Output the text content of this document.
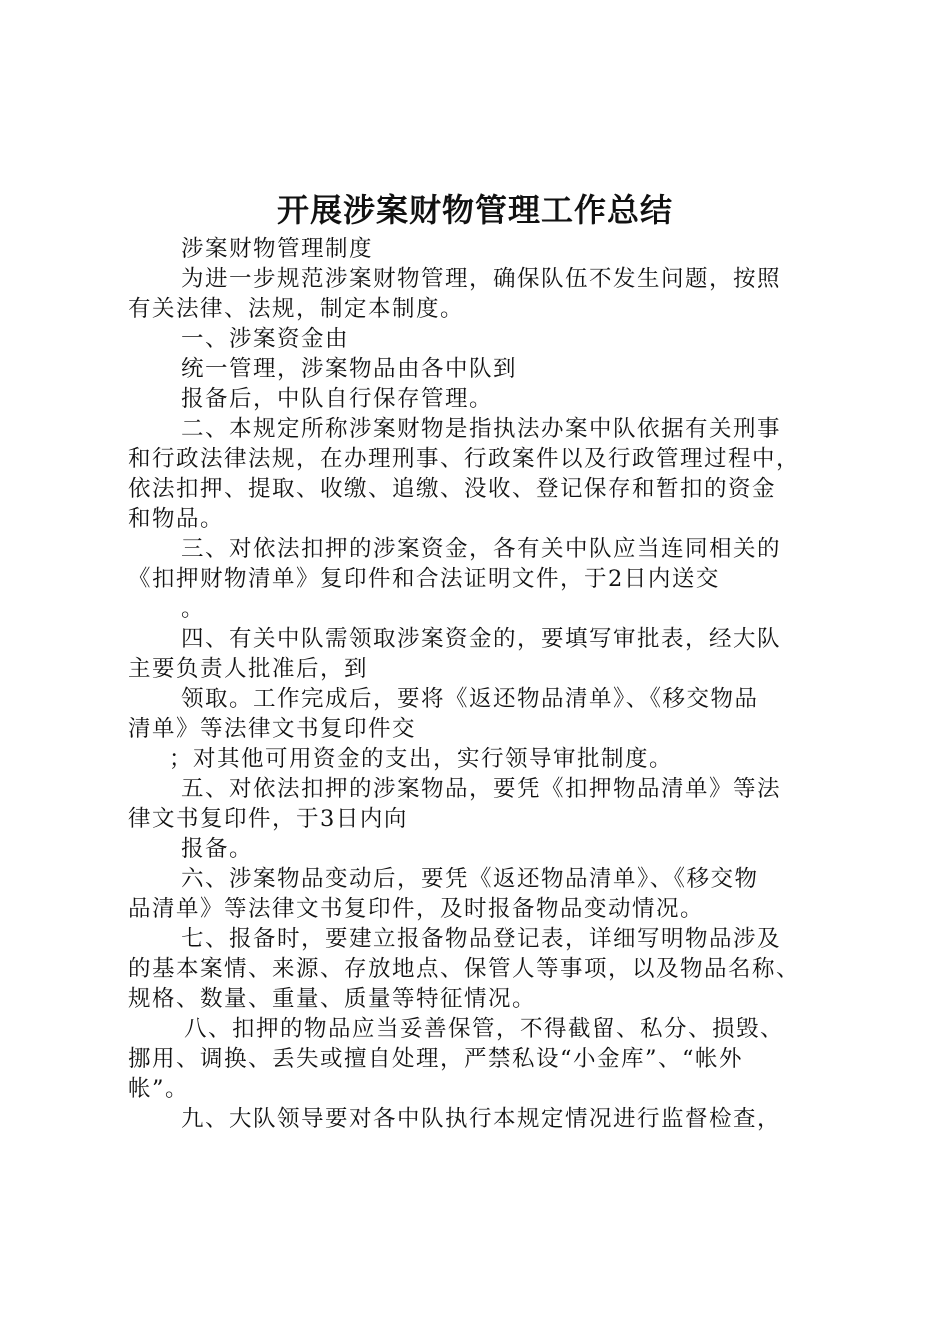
开展涉案财物管理工作总结
涉案财物管理制度
为进一步规范涉案财物管理，确保队伍不发生问题，按照
有关法律、法规，制定本制度。
一、涉案资金由
统一管理，涉案物品由各中队到
报备后，中队自行保存管理。
二、本规定所称涉案财物是指执法办案中队依据有关刑事
和行政法律法规，在办理刑事、行政案件以及行政管理过程中，
依法扣押、提取、收缴、追缴、没收、登记保存和暂扣的资金
和物品。
三、对依法扣押的涉案资金，各有关中队应当连同相关的
《扣押财物清单》复印件和合法证明文件，于2日内送交
。
四、有关中队需领取涉案资金的，要填写审批表，经大队
主要负责人批准后，到
领取。工作完成后，要将《返还物品清单》、《移交物品
清单》等法律文书复印件交
；对其他可用资金的支出，实行领导审批制度。
五、对依法扣押的涉案物品，要凭《扣押物品清单》等法
律文书复印件，于3日内向
报备。
六、涉案物品变动后，要凭《返还物品清单》、《移交物
品清单》等法律文书复印件，及时报备物品变动情况。
七、报备时，要建立报备物品登记表，详细写明物品涉及
的基本案情、来源、存放地点、保管人等事项，以及物品名称、
规格、数量、重量、质量等特征情况。
八、扣押的物品应当妥善保管，不得截留、私分、损毁、
挪用、调换、丢失或擅自处理，严禁私设“小金库”、“帐外
帐”。
九、大队领导要对各中队执行本规定情况进行监督检查，
